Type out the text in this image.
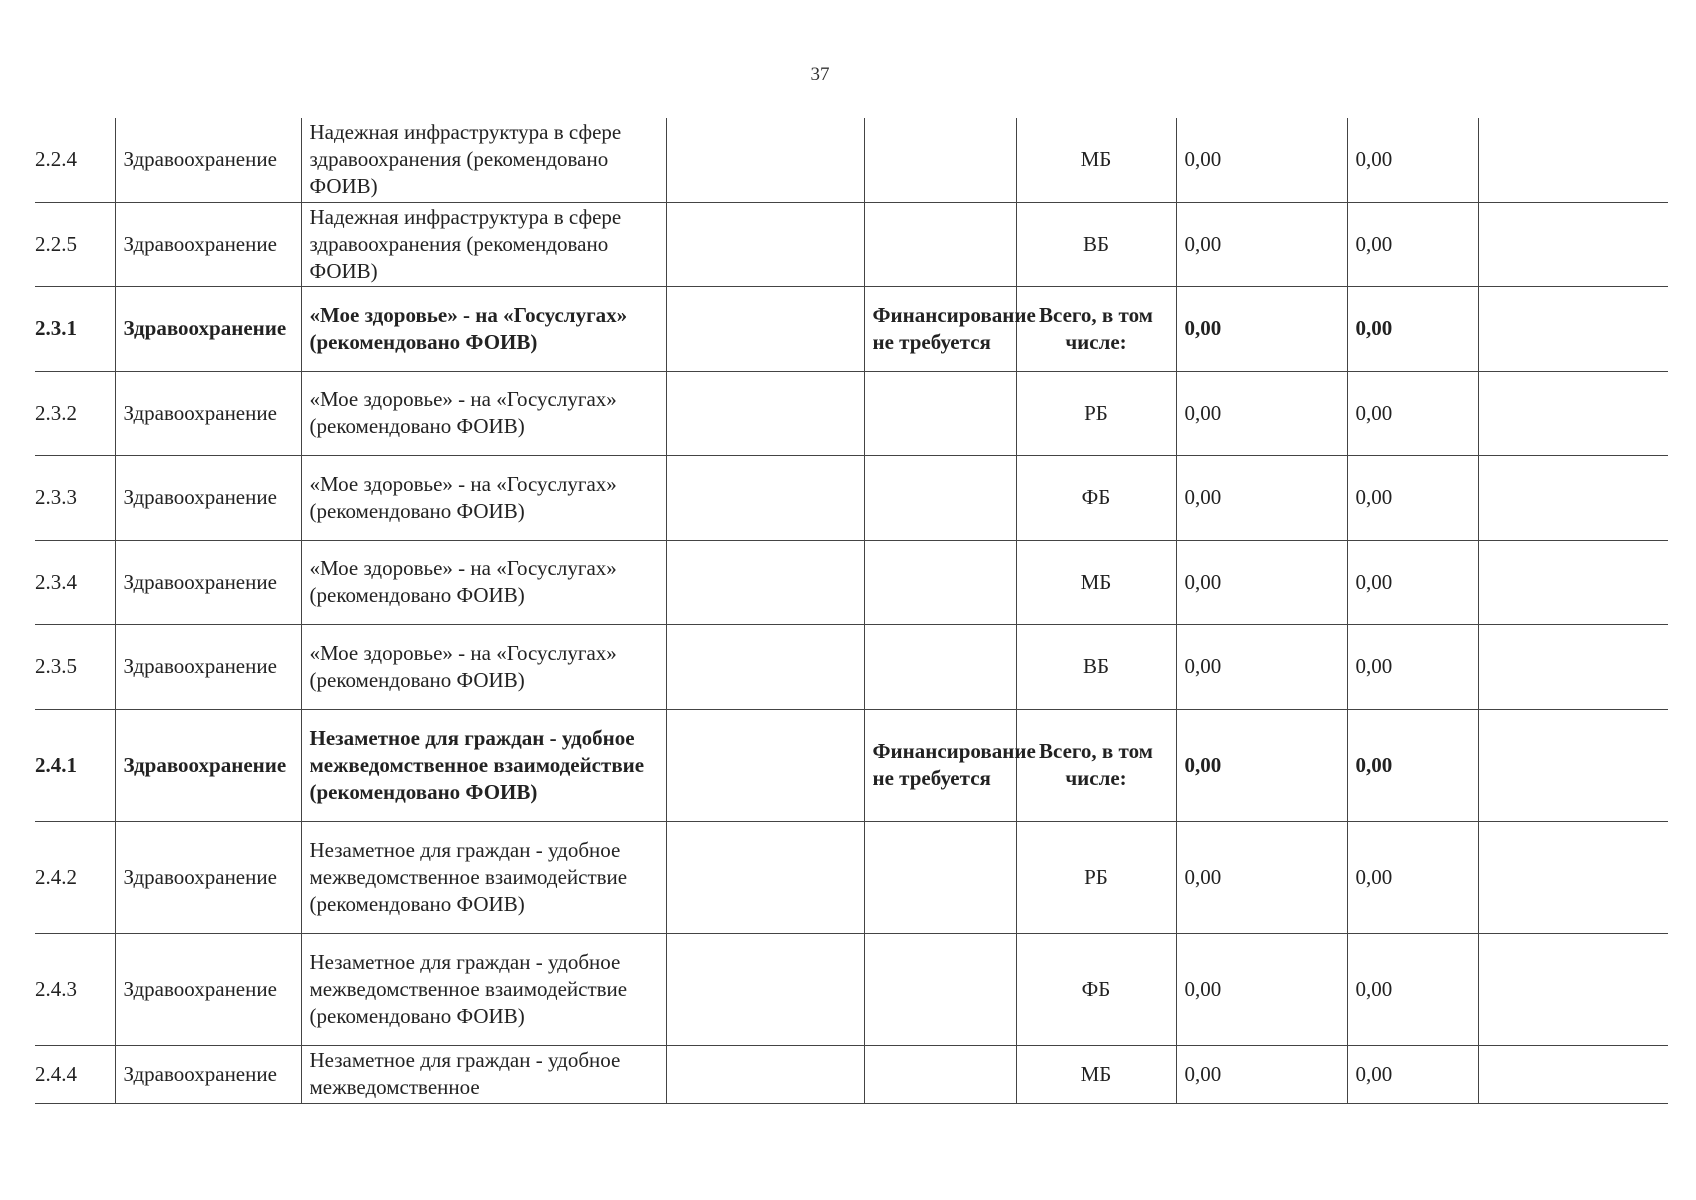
37
2.2.4	Здравоохранение	Надежная инфраструктура в сфере здравоохранения (рекомендовано ФОИВ)			МБ	0,00	0,00	
2.2.5	Здравоохранение	Надежная инфраструктура в сфере здравоохранения (рекомендовано ФОИВ)			ВБ	0,00	0,00	
2.3.1	Здравоохранение	«Мое здоровье» - на «Госуслугах» (рекомендовано ФОИВ)		Финансирование не требуется	Всего, в том числе:	0,00	0,00	
2.3.2	Здравоохранение	«Мое здоровье» - на «Госуслугах» (рекомендовано ФОИВ)			РБ	0,00	0,00	
2.3.3	Здравоохранение	«Мое здоровье» - на «Госуслугах» (рекомендовано ФОИВ)			ФБ	0,00	0,00	
2.3.4	Здравоохранение	«Мое здоровье» - на «Госуслугах» (рекомендовано ФОИВ)			МБ	0,00	0,00	
2.3.5	Здравоохранение	«Мое здоровье» - на «Госуслугах» (рекомендовано ФОИВ)			ВБ	0,00	0,00	
2.4.1	Здравоохранение	Незаметное для граждан - удобное межведомственное взаимодействие (рекомендовано ФОИВ)		Финансирование не требуется	Всего, в том числе:	0,00	0,00	
2.4.2	Здравоохранение	Незаметное для граждан - удобное межведомственное взаимодействие (рекомендовано ФОИВ)			РБ	0,00	0,00	
2.4.3	Здравоохранение	Незаметное для граждан - удобное межведомственное взаимодействие (рекомендовано ФОИВ)			ФБ	0,00	0,00	
2.4.4	Здравоохранение	Незаметное для граждан - удобное межведомственное			МБ	0,00	0,00	
